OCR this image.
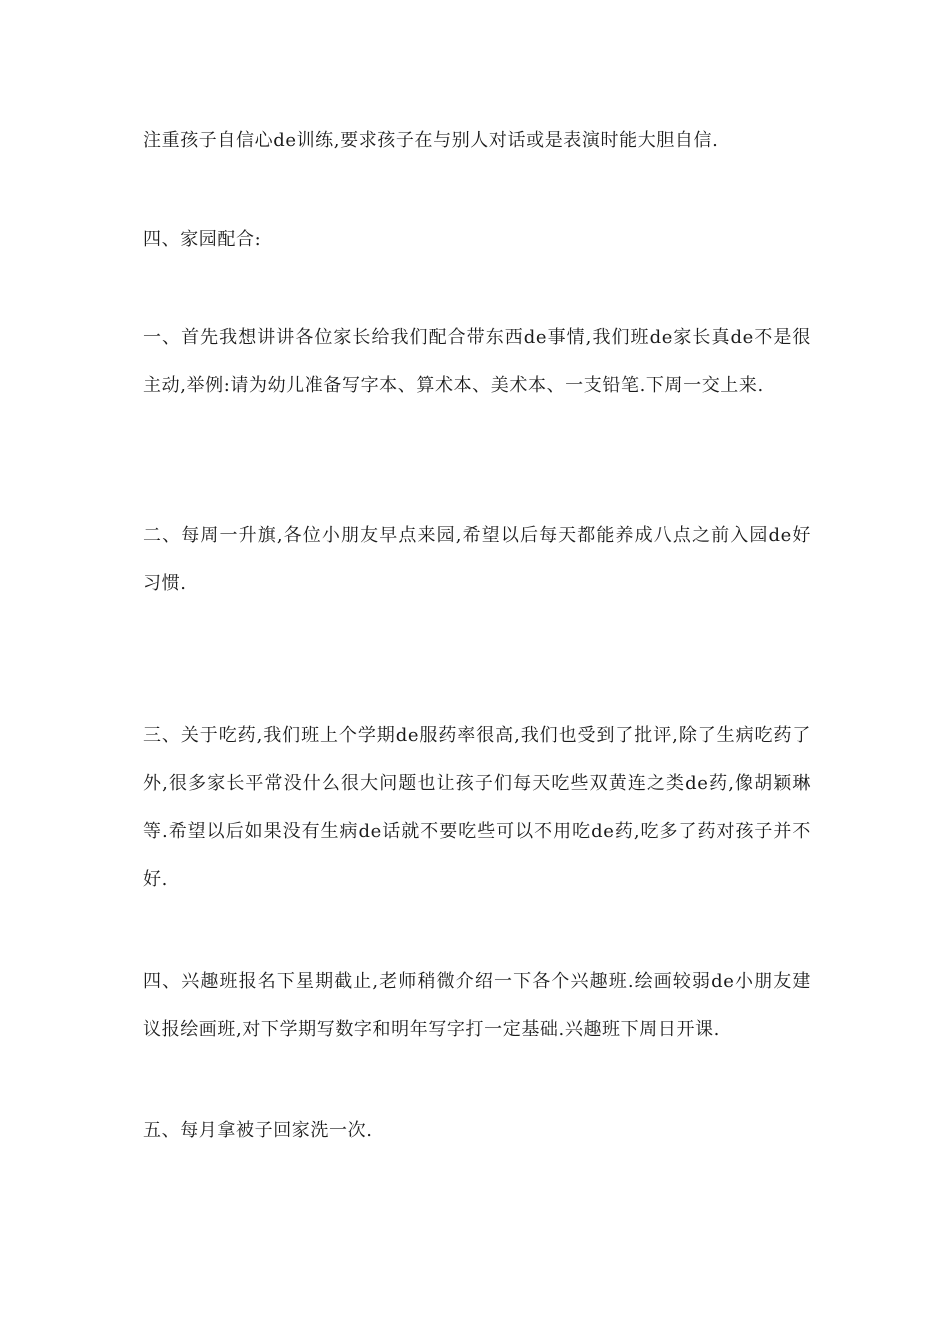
注重孩子自信心de训练,要求孩子在与别人对话或是表演时能大胆自信.

四、家园配合:

一、首先我想讲讲各位家长给我们配合带东西de事情,我们班de家长真de不是很主动,举例:请为幼儿准备写字本、算术本、美术本、一支铅笔.下周一交上来.

二、每周一升旗,各位小朋友早点来园,希望以后每天都能养成八点之前入园de好习惯.

三、关于吃药,我们班上个学期de服药率很高,我们也受到了批评,除了生病吃药了外,很多家长平常没什么很大问题也让孩子们每天吃些双黄连之类de药,像胡颖琳等.希望以后如果没有生病de话就不要吃些可以不用吃de药,吃多了药对孩子并不好.

四、兴趣班报名下星期截止,老师稍微介绍一下各个兴趣班.绘画较弱de小朋友建议报绘画班,对下学期写数字和明年写字打一定基础.兴趣班下周日开课.

五、每月拿被子回家洗一次.
